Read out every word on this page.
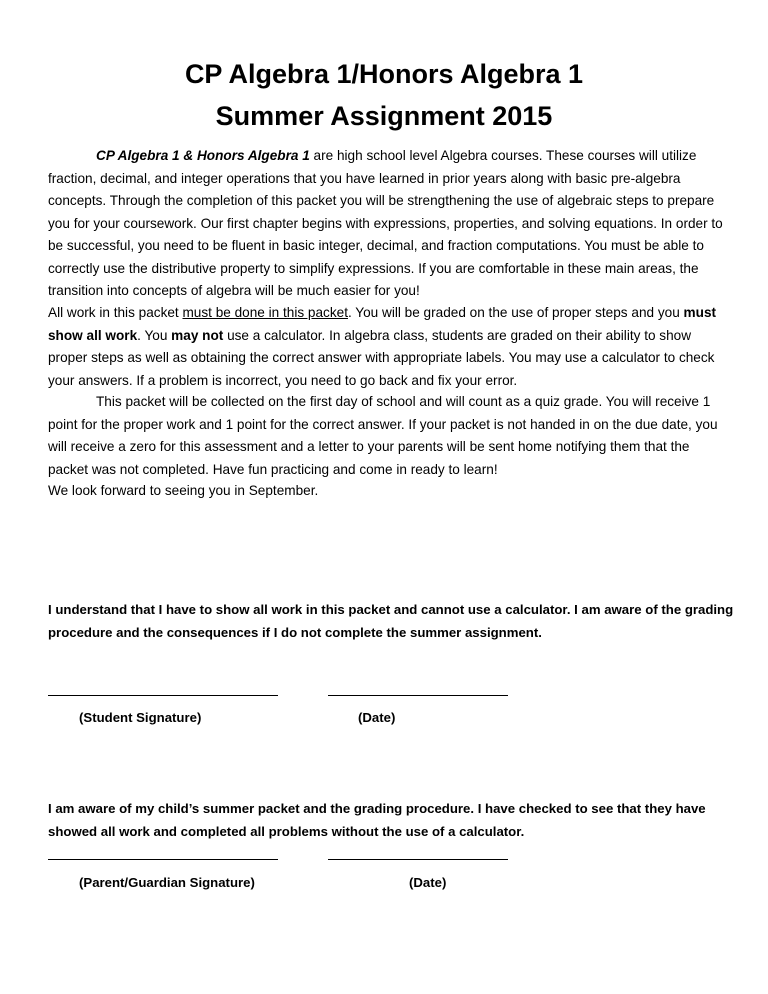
CP Algebra 1/Honors Algebra 1
Summer Assignment 2015
CP Algebra 1 & Honors Algebra 1 are high school level Algebra courses. These courses will utilize fraction, decimal, and integer operations that you have learned in prior years along with basic pre-algebra concepts. Through the completion of this packet you will be strengthening the use of algebraic steps to prepare you for your coursework. Our first chapter begins with expressions, properties, and solving equations. In order to be successful, you need to be fluent in basic integer, decimal, and fraction computations. You must be able to correctly use the distributive property to simplify expressions. If you are comfortable in these main areas, the transition into concepts of algebra will be much easier for you!
All work in this packet must be done in this packet. You will be graded on the use of proper steps and you must show all work. You may not use a calculator. In algebra class, students are graded on their ability to show proper steps as well as obtaining the correct answer with appropriate labels. You may use a calculator to check your answers. If a problem is incorrect, you need to go back and fix your error.
This packet will be collected on the first day of school and will count as a quiz grade. You will receive 1 point for the proper work and 1 point for the correct answer. If your packet is not handed in on the due date, you will receive a zero for this assessment and a letter to your parents will be sent home notifying them that the packet was not completed. Have fun practicing and come in ready to learn!
We look forward to seeing you in September.
I understand that I have to show all work in this packet and cannot use a calculator. I am aware of the grading procedure and the consequences if I do not complete the summer assignment.
(Student Signature)	(Date)
I am aware of my child’s summer packet and the grading procedure. I have checked to see that they have showed all work and completed all problems without the use of a calculator.
(Parent/Guardian Signature)	(Date)
